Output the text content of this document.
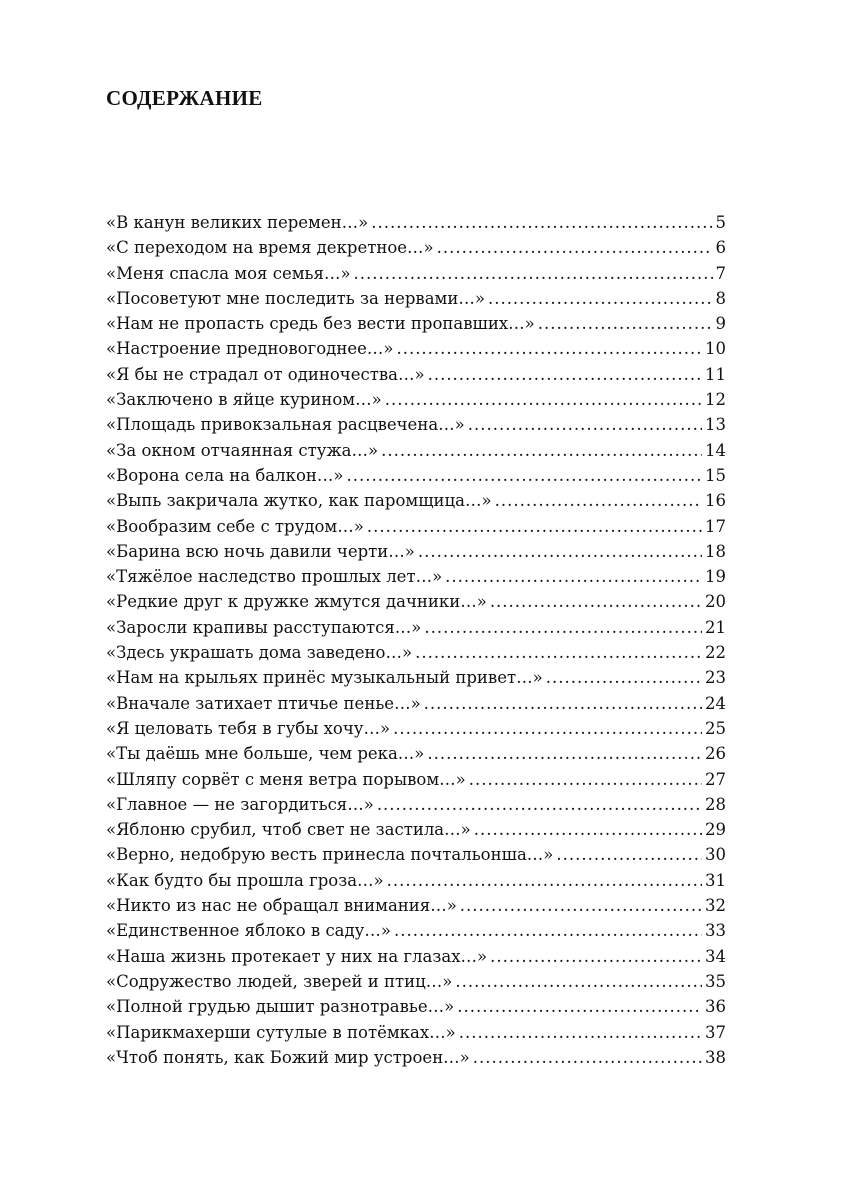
СОДЕРЖАНИЕ
«В канун великих перемен…» .....	5
«С переходом на время декретное…» .....	6
«Меня спасла моя семья…» .....	7
«Посоветуют мне последить за нервами…» .....	8
«Нам не пропасть средь без вести пропавших…» .....	9
«Настроение предновогоднее…» .....	10
«Я бы не страдал от одиночества…» .....	11
«Заключено в яйце курином…» .....	12
«Площадь привокзальная расцвечена…» .....	13
«За окном отчаянная стужа…» .....	14
«Ворона села на балкон…» .....	15
«Выпь закричала жутко, как паромщица…» .....	16
«Вообразим себе с трудом…» .....	17
«Барина всю ночь давили черти…» .....	18
«Тяжёлое наследство прошлых лет…» .....	19
«Редкие друг к дружке жмутся дачники…» .....	20
«Заросли крапивы расступаются…» .....	21
«Здесь украшать дома заведено…» .....	22
«Нам на крыльях принёс музыкальный привет…» .....	23
«Вначале затихает птичье пенье…» .....	24
«Я целовать тебя в губы хочу…» .....	25
«Ты даёшь мне больше, чем река…» .....	26
«Шляпу сорвёт с меня ветра порывом…» .....	27
«Главное — не загордиться…» .....	28
«Яблоню срубил, чтоб свет не застила…» .....	29
«Верно, недобрую весть принесла почтальонша…» .....	30
«Как будто бы прошла гроза…» .....	31
«Никто из нас не обращал внимания…» .....	32
«Единственное яблоко в саду…» .....	33
«Наша жизнь протекает у них на глазах…» .....	34
«Содружество людей, зверей и птиц…» .....	35
«Полной грудью дышит разнотравье…» .....	36
«Парикмахерши сутулые в потёмках…» .....	37
«Чтоб понять, как Божий мир устроен…» .....	38
